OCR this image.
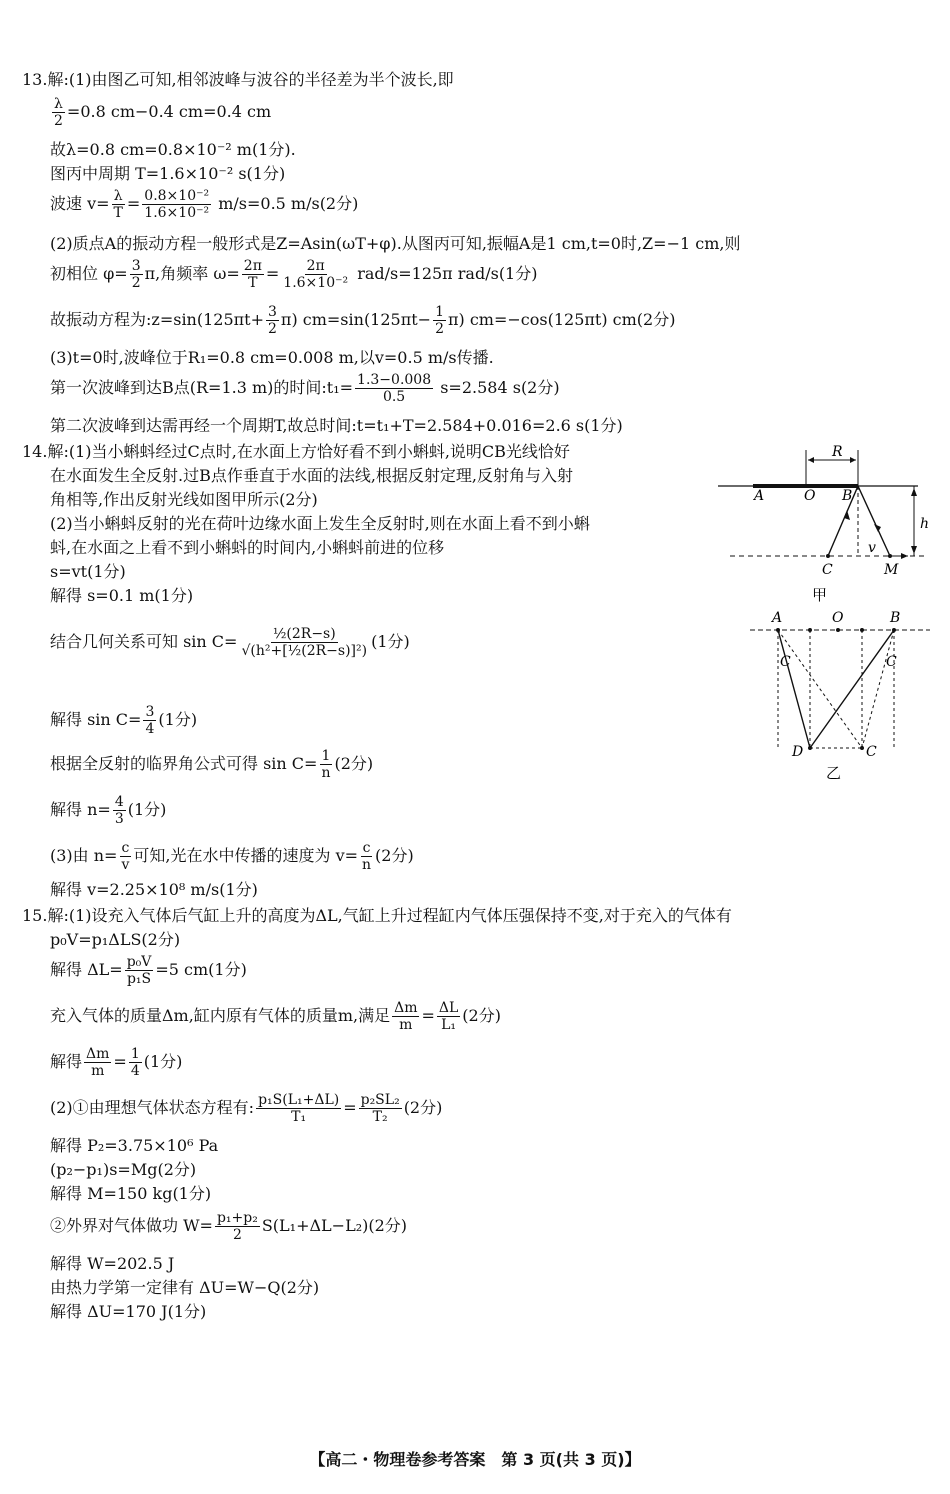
13.解:(1)由图乙可知,相邻波峰与波谷的半径差为半个波长,即
$\frac{\lambda}{2} =0.8$ cm−0.4 cm=0.4 cm
故λ=0.8 cm=0.8×10⁻² m(1分).
图丙中周期 T=1.6×10⁻² s(1分)
波速 $v= \frac{\lambda}{T} = \frac{\text{0.8×10⁻²}}{\text{1.6×10⁻²}} m/s=0.5$ m/s(2分)
(2)质点A的振动方程一般形式是Z=Asin(ωT+φ).从图丙可知,振幅A是1 cm,t=0时,Z=−1 cm,则
初相位 $\varphi= \frac{3}{2} \pi$,角频率 $\omega= \frac{2\pi}{T} = \frac{2\pi}{\text{1.6×10⁻²}} rad/s=125\pi$ rad/s(1分)
故振动方程为:z=sin(125πt+ $\frac{3}{2} \pi$) $cm=\sin(125\pi t- \frac{1}{2} \pi)$ cm=−cos(125πt) cm(2分)
(3)t=0时,波峰位于R₁=0.8 cm=0.008 m,以v=0.5 m/s传播.
第一次波峰到达B点(R=1.3 m)的时间:t₁= $\frac{1.3-0.008}{0.5} s=2.584$ s(2分)
第二次波峰到达需再经一个周期T,故总时间:t=t₁+T=2.584+0.016=2.6 s(1分)
14.解:(1)当小蝌蚪经过C点时,在水面上方恰好看不到小蝌蚪,说明CB光线恰好
在水面发生全反射.过B点作垂直于水面的法线,根据反射定理,反射角与入射
角相等,作出反射光线如图甲所示(2分)
(2)当小蝌蚪反射的光在荷叶边缘水面上发生全反射时,则在水面上看不到小蝌
蚪,在水面之上看不到小蝌蚪的时间内,小蝌蚪前进的位移
s=vt(1分)
解得 s=0.1 m(1分)
结合几何关系可知 $\sin C= \frac{\text{½(2R−s)}}{\text{√(h²+[½(2R−s)]²)}} (1$分)
解得 $\sin C= \frac{3}{4} (1$分)
根据全反射的临界角公式可得 $\sin C= \frac{1}{n} (2$分)
解得 $n= \frac{4}{3} (1$分)
(3)由 $n= \frac{c}{v}$ 可知,光在水中传播的速度为 $v= \frac{c}{n} (2$分)
解得 v=2.25×10⁸ m/s(1分)
R
A	O B
h
v
C	M
甲
A	O	B
C	C
D	C
乙
15.解:(1)设充入气体后气缸上升的高度为ΔL,气缸上升过程缸内气体压强保持不变,对于充入的气体有
p₀V=p₁ΔLS(2分)
解得 $\Delta L= \frac{\text{p₀V}}{\text{p₁S}} =5$ cm(1分)
充入气体的质量Δm,缸内原有气体的质量m,满足 $\frac{\Delta m}{m} = \frac{\Delta L}{\text{L₁}} (2$分)
解得 $\frac{\Delta m}{m} = \frac{1}{4} (1$分)
(2)①由理想气体状态方程有: $\frac{\text{p₁S(L₁+ΔL)}}{\text{T₁}} = \frac{\text{p₂SL₂}}{\text{T₂}} (2$分)
解得 P₂=3.75×10⁶ Pa
(p₂−p₁)s=Mg(2分)
解得 M=150 kg(1分)
②外界对气体做功 $W= \frac{\text{p₁+p₂}}{2} S(L_1+\Delta L-L_2)(2$分)
解得 W=202.5 J
由热力学第一定律有 ΔU=W−Q(2分)
解得 ΔU=170 J(1分)
【高二・物理卷参考答案　第 3 页(共 3 页)】
